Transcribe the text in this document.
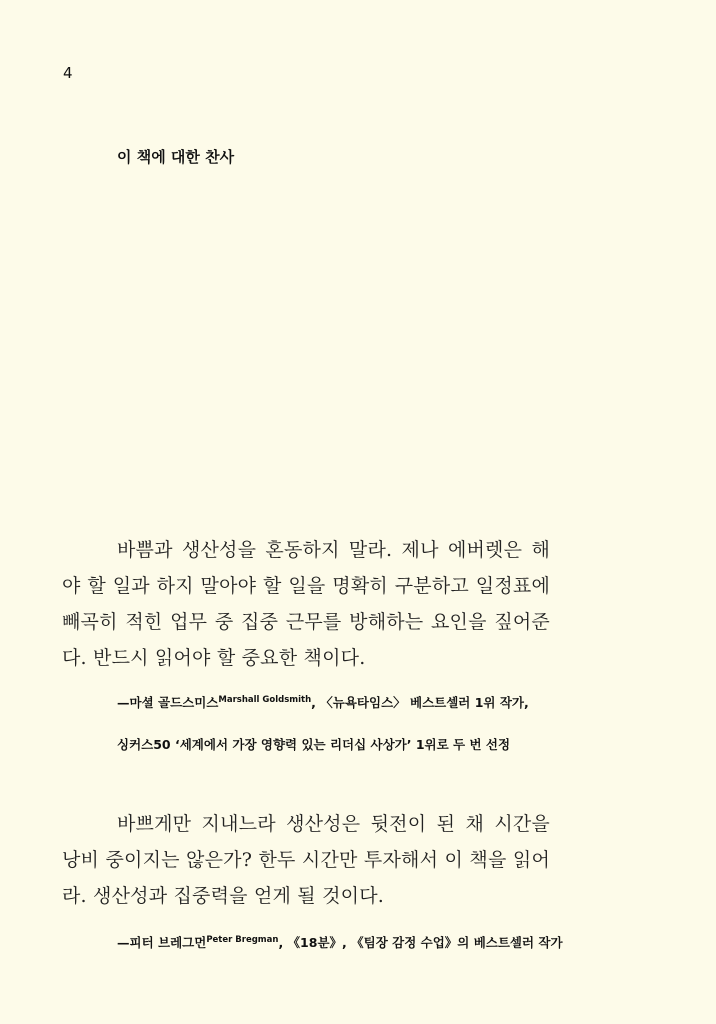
4
이 책에 대한 찬사

바쁨과 생산성을 혼동하지 말라. 제나 에버렛은 해야 할 일과 하지 말아야 할 일을 명확히 구분하고 일정표에 빼곡히 적힌 업무 중 집중 근무를 방해하는 요인을 짚어준다. 반드시 읽어야 할 중요한 책이다.

—마셜 골드스미스$^{Marshall Goldsmith}$, 〈뉴욕타임스〉 베스트셀러 1위 작가,
싱커스50 ‘세계에서 가장 영향력 있는 리더십 사상가’ 1위로 두 번 선정

바쁘게만 지내느라 생산성은 뒷전이 된 채 시간을 낭비 중이지는 않은가? 한두 시간만 투자해서 이 책을 읽어라. 생산성과 집중력을 얻게 될 것이다.

—피터 브레그먼$^{Peter Bregman}$, 《18분》, 《팀장 감정 수업》의 베스트셀러 작가
